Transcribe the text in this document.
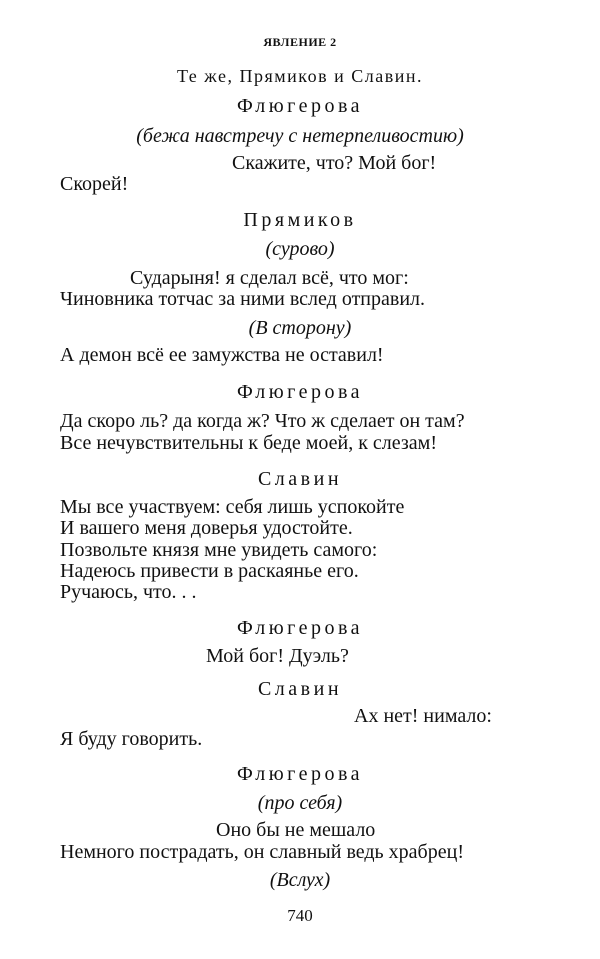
ЯВЛЕНИЕ 2
Те же, Прямиков и Славин.
Флюгерова
(бежа навстречу с нетерпеливостию)
Скажите, что? Мой бог!
Скорей!
Прямиков
(сурово)
Сударыня! я сделал всё, что мог:
Чиновника тотчас за ними вслед отправил.
(В сторону)
А демон всё ее замужства не оставил!
Флюгерова
Да скоро ль? да когда ж? Что ж сделает он там?
Все нечувствительны к беде моей, к слезам!
Славин
Мы все участвуем: себя лишь успокойте
И вашего меня доверья удостойте.
Позвольте князя мне увидеть самого:
Надеюсь привести в раскаянье его.
Ручаюсь, что. . .
Флюгерова
Мой бог! Дуэль?
Славин
Ах нет! нимало:
Я буду говорить.
Флюгерова
(про себя)
Оно бы не мешало
Немного пострадать, он славный ведь храбрец!
(Вслух)
740
